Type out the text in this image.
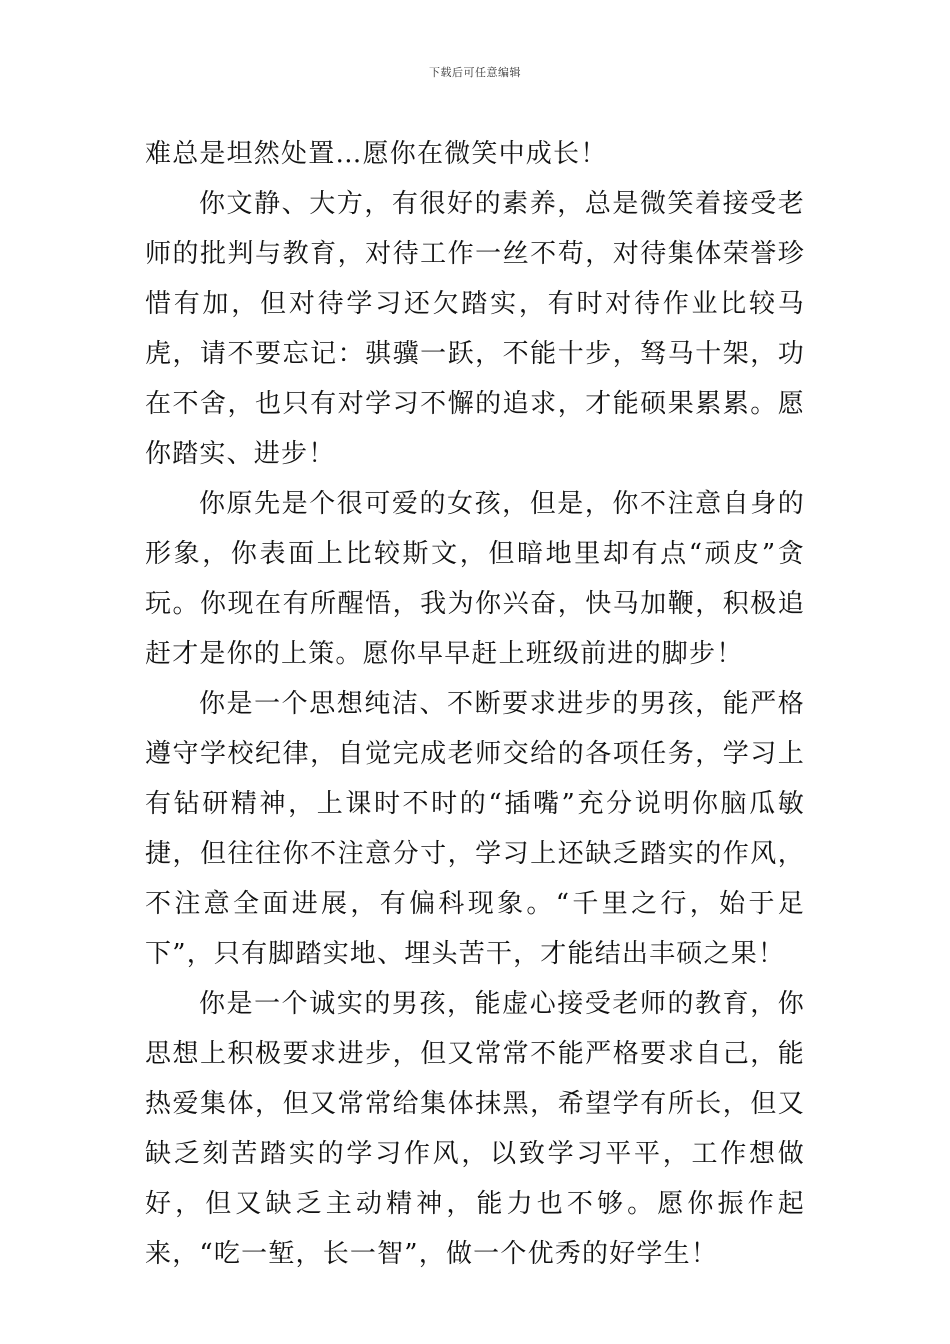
下载后可任意编辑

难总是坦然处置…愿你在微笑中成长！

你文静、大方，有很好的素养，总是微笑着接受老师的批判与教育，对待工作一丝不苟，对待集体荣誉珍惜有加，但对待学习还欠踏实，有时对待作业比较马虎，请不要忘记：骐骥一跃，不能十步，驽马十架，功在不舍，也只有对学习不懈的追求，才能硕果累累。愿你踏实、进步！

你原先是个很可爱的女孩，但是，你不注意自身的形象，你表面上比较斯文，但暗地里却有点“顽皮”贪玩。你现在有所醒悟，我为你兴奋，快马加鞭，积极追赶才是你的上策。愿你早早赶上班级前进的脚步！

你是一个思想纯洁、不断要求进步的男孩，能严格遵守学校纪律，自觉完成老师交给的各项任务，学习上有钻研精神，上课时不时的“插嘴”充分说明你脑瓜敏捷，但往往你不注意分寸，学习上还缺乏踏实的作风，不注意全面进展，有偏科现象。“千里之行，始于足下”，只有脚踏实地、埋头苦干，才能结出丰硕之果！

你是一个诚实的男孩，能虚心接受老师的教育，你思想上积极要求进步，但又常常不能严格要求自己，能热爱集体，但又常常给集体抹黑，希望学有所长，但又缺乏刻苦踏实的学习作风，以致学习平平，工作想做好，但又缺乏主动精神，能力也不够。愿你振作起来，“吃一堑，长一智”，做一个优秀的好学生！
